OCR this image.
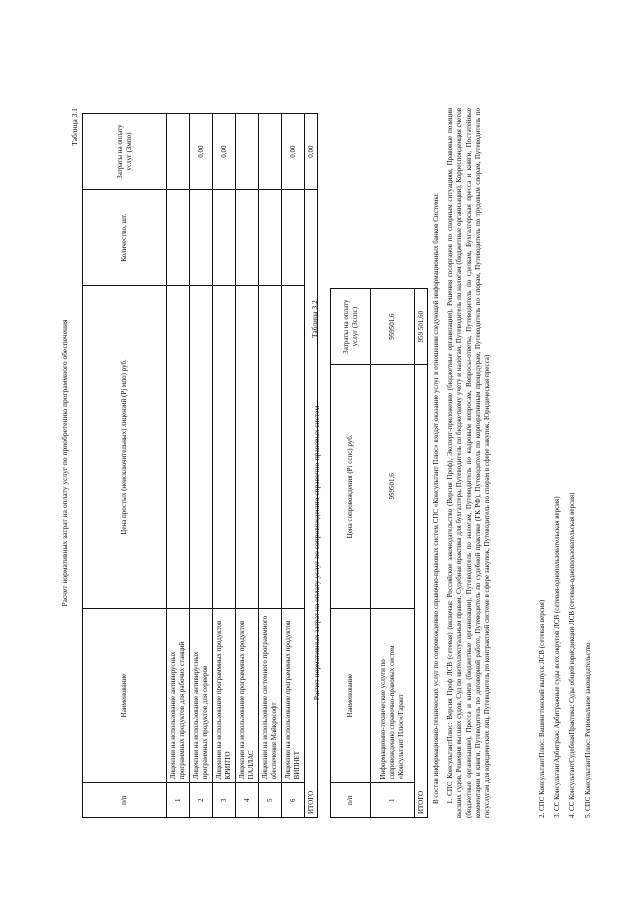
Таблица 3.1
Расчет нормативных затрат на оплату услуг по приобретению программного обеспечения
п/п	Наименование	Цена простых (неисключительных) лицензий (Pj мпо) руб.	Количество, шт.	Затраты на оплату услуг (Змпо)
1	Лицензии на использование антивирусных программных продуктов для рабочих станций			
2	Лицензии на использование антивирусных программных продуктов для серверов			0,00
3	Лицензии на использование программных продуктов КРИПТО			0,00
4	Лицензии на использование программных продуктов ПАЛЛАС			
5	Лицензии на использование системного программного обеспечения Майкрософт			
6	Лицензии на использование программных продуктов ВИПНЕТ			0,00
ИТОГО				0,00
Таблица 3.2
Расчет нормативных затрат на оплату услуг по сопровождению справочно-правовых систем
п/п	Наименование	Цена сопровождения (Pi сспс) руб.	Затраты на оплату услуг (Зсспс)
1	Информационно-технические услуги по сопровождению справочно-правовых систем «Консультант Плюс»/Гарант	959501,6	959501,6
ИТОГО			959 501,60 В состав информационно-технических услуг по сопровождению справочно-правовых систем СПС «Консультант Плюс» входят оказание услуг в отношении следующей информационных банков Системы: 1. СПС КонсультантПлюс: Версия Проф ЛСВ (сетевая) (включая: Российское законодательство (Версия Проф), Эксперт-приложение (бюджетные организации), Решения госорганов по спорным ситуациям, Правовые позиции высших судов, Решения высших судов, Суд по интеллектуальным правам, Судебная практика для бухгалтера, Путеводитель по бюджетному учету и налогам, Путеводитель по налогам (бюджетные организации), Корреспонденция счетов (бюджетные организации), Пресса и книги (бюджетные организации), Путеводитель по налогам, Путеводитель по кадровым вопросам, Вопросы-ответы, Путеводитель по сделкам, Бухгалтерская пресса и книги, Постатейные комментарии и книги, Путеводитель по договорной работе, Путеводитель по судебной практике (ГК РФ), Путеводитель по корпоративным процедурам, Путеводитель по спорам, Путеводитель по трудовым спорам, Путеводитель по госуслугам для юридических лиц, Путеводитель по контрактной системе в сфере закупок, Путеводитель по спорам в сфере закупок, Юридическая пресса)	2. СПС КонсультантПлюс: Вашингтонский выпуск ЛСВ (сетевая версия) 3. СС КонсультантАрбитраж: Арбитражные суды всех округов ЛСВ (сетевая-однопользовательская версия) 4. СС КонсультантСудебнаяПрактика: Суды общей юрисдикции ЛСВ (сетевая-однопользовательская версия) 5. СПС КонсультантПлюс: Региональное законодательство
